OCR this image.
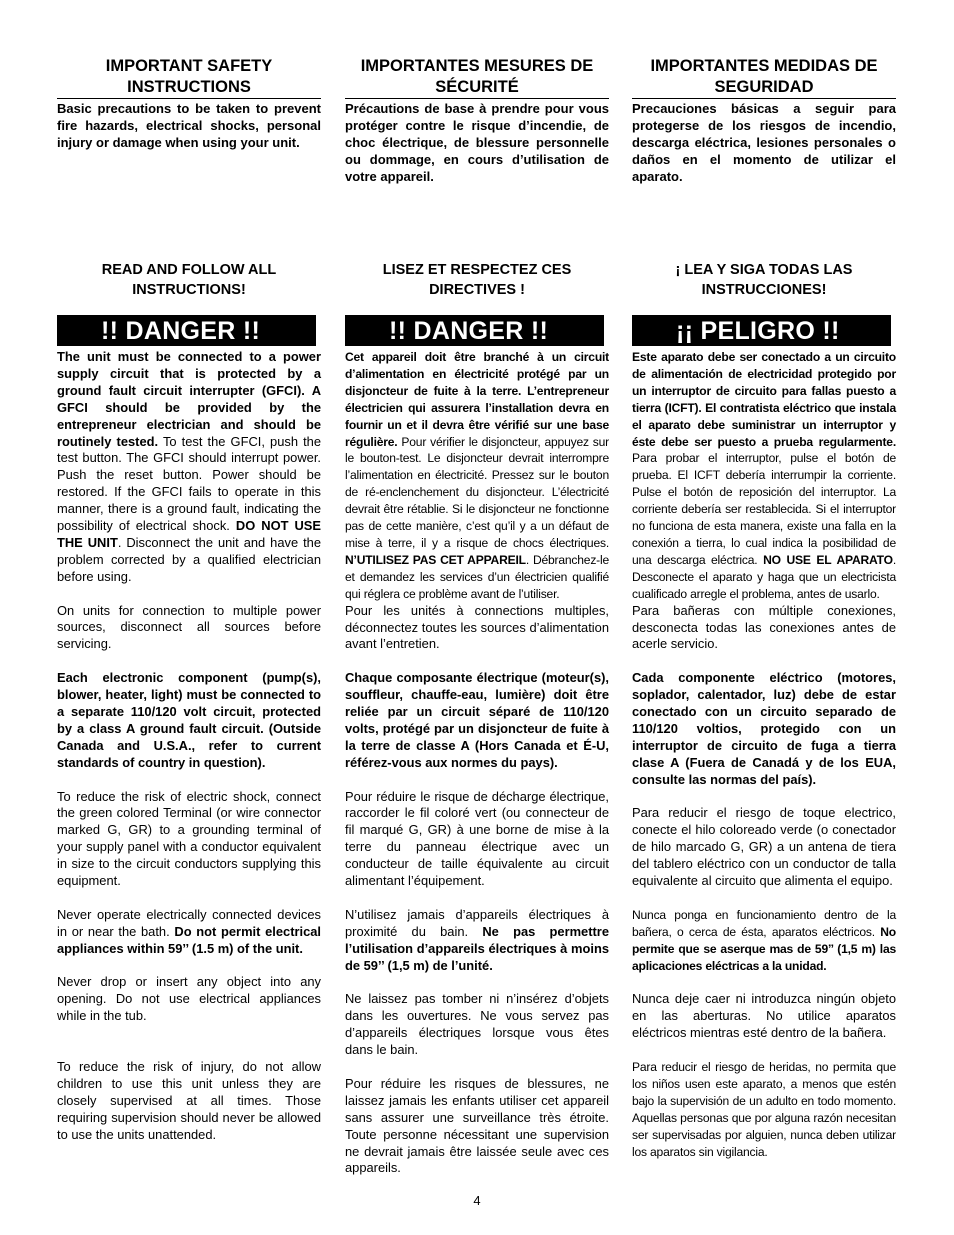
IMPORTANT SAFETY INSTRUCTIONS
Basic precautions to be taken to prevent fire hazards, electrical shocks, personal injury or damage when using your unit.
READ AND FOLLOW ALL INSTRUCTIONS!
!! DANGER !!

The unit must be connected to a power supply circuit that is protected by a ground fault circuit interrupter (GFCI). A GFCI should be provided by the entrepreneur electrician and should be routinely tested. To test the GFCI, push the test button. The GFCI should interrupt power. Push the reset button. Power should be restored. If the GFCI fails to operate in this manner, there is a ground fault, indicating the possibility of electrical shock. DO NOT USE THE UNIT. Disconnect the unit and have the problem corrected by a qualified electrician before using.

On units for connection to multiple power sources, disconnect all sources before servicing.

Each electronic component (pump(s), blower, heater, light) must be connected to a separate 110/120 volt circuit, protected by a class A ground fault circuit. (Outside Canada and U.S.A., refer to current standards of country in question).

To reduce the risk of electric shock, connect the green colored Terminal (or wire connector marked G, GR) to a grounding terminal of your supply panel with a conductor equivalent in size to the circuit conductors supplying this equipment.

Never operate electrically connected devices in or near the bath. Do not permit electrical appliances within 59’’ (1.5 m) of the unit.

Never drop or insert any object into any opening. Do not use electrical appliances while in the tub.

To reduce the risk of injury, do not allow children to use this unit unless they are closely supervised at all times. Those requiring supervision should never be allowed to use the units unattended.

IMPORTANTES MESURES DE SÉCURITÉ
Précautions de base à prendre pour vous protéger contre le risque d’incendie, de choc électrique, de blessure personnelle ou dommage, en cours d’utilisation de votre appareil.
LISEZ ET RESPECTEZ CES DIRECTIVES !
!! DANGER !!

Cet appareil doit être branché à un circuit d’alimentation en électricité protégé par un disjoncteur de fuite à la terre. L’entrepreneur électricien qui assurera l’installation devra en fournir un et il devra être vérifié sur une base régulière. Pour vérifier le disjoncteur, appuyez sur le bouton-test. Le disjoncteur devrait interrompre l’alimentation en électricité. Pressez sur le bouton de ré-enclenchement du disjoncteur. L’électricité devrait être rétablie. Si le disjoncteur ne fonctionne pas de cette manière, c’est qu’il y a un défaut de mise à terre, il y a risque de chocs électriques. N’UTILISEZ PAS CET APPAREIL. Débranchez-le et demandez les services d’un électricien qualifié qui réglera ce problème avant de l’utiliser.

Pour les unités à connections multiples, déconnectez toutes les sources d’alimentation avant l’entretien.

Chaque composante électrique (moteur(s), souffleur, chauffe-eau, lumière) doit être reliée par un circuit séparé de 110/120 volts, protégé par un disjoncteur de fuite à la terre de classe A (Hors Canada et É-U, référez-vous aux normes du pays).

Pour réduire le risque de décharge électrique, raccorder le fil coloré vert (ou connecteur de fil marqué G, GR) à une borne de mise à la terre du panneau électrique avec un conducteur de taille équivalente au circuit alimentant l’équipement.

N’utilisez jamais d’appareils électriques à proximité du bain. Ne pas permettre l’utilisation d’appareils électriques à moins de 59’’ (1,5 m) de l’unité.

Ne laissez pas tomber ni n’insérez d’objets dans les ouvertures. Ne vous servez pas d’appareils électriques lorsque vous êtes dans le bain.

Pour réduire les risques de blessures, ne laissez jamais les enfants utiliser cet appareil sans assurer une surveillance très étroite. Toute personne nécessitant une supervision ne devrait jamais être laissée seule avec ces appareils.

IMPORTANTES MEDIDAS DE SEGURIDAD
Precauciones básicas a seguir para protegerse de los riesgos de incendio, descarga eléctrica, lesiones personales o daños en el momento de utilizar el aparato.
¡ LEA Y SIGA TODAS LAS INSTRUCCIONES!
¡¡ PELIGRO !!

Este aparato debe ser conectado a un circuito de alimentación de electricidad protegido por un interruptor de circuito para fallas puesto a tierra (ICFT). El contratista eléctrico que instala el aparato debe suministrar un interruptor y éste debe ser puesto a prueba regularmente. Para probar el interruptor, pulse el botón de prueba. El ICFT debería interrumpir la corriente. Pulse el botón de reposición del interruptor. La corriente debería ser restablecida. Si el interruptor no funciona de esta manera, existe una falla en la conexión a tierra, lo cual indica la posibilidad de una descarga eléctrica. NO USE EL APARATO. Desconecte el aparato y haga que un electricista cualificado arregle el problema, antes de usarlo.

Para bañeras con múltiple conexiones, desconecta todas las conexiones antes de acerle servicio.

Cada componente eléctrico (motores, soplador, calentador, luz) debe de estar conectado con un circuito separado de 110/120 voltios, protegido con un interruptor de circuito de fuga a tierra clase A (Fuera de Canadá y de los EUA, consulte las normas del país).

Para reducir el riesgo de toque electrico, conecte el hilo coloreado verde (o conectador de hilo marcado G, GR) a un antena de tiera del tablero eléctrico con un conductor de talla equivalente al circuito que alimenta el equipo.

Nunca ponga en funcionamiento dentro de la bañera, o cerca de ésta, aparatos eléctricos. No permite que se aserque mas de 59’’ (1,5 m) las aplicaciones eléctricas a la unidad.

Nunca deje caer ni introduzca ningún objeto en las aberturas. No utilice aparatos eléctricos mientras esté dentro de la bañera.

Para reducir el riesgo de heridas, no permita que los niños usen este aparato, a menos que estén bajo la supervisión de un adulto en todo momento. Aquellas personas que por alguna razón necesitan ser supervisadas por alguien, nunca deben utilizar los aparatos sin vigilancia.

4
